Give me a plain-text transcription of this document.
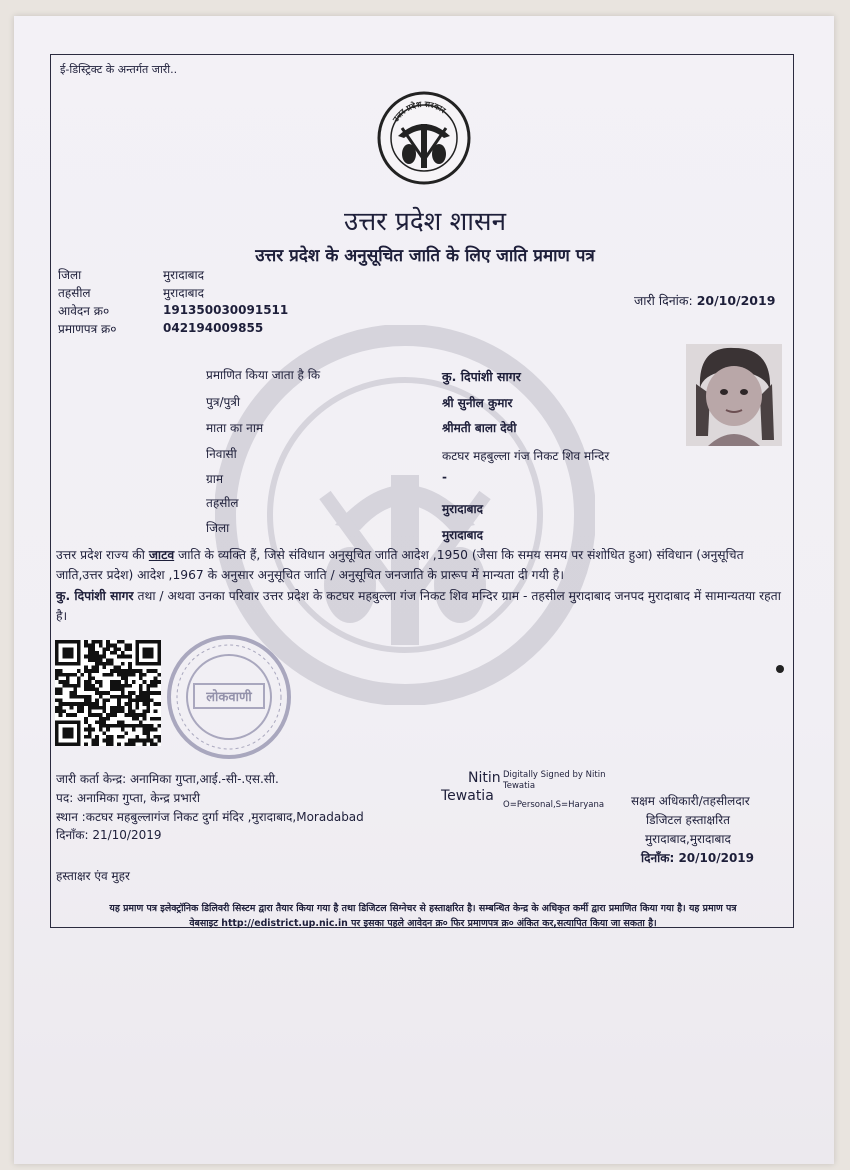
ई-डिस्ट्रिक्ट के अन्तर्गत जारी..
उत्तर प्रदेश सरकार
उत्तर प्रदेश शासन
उत्तर प्रदेश के अनुसूचित जाति के लिए जाति प्रमाण पत्र
जिला	मुरादाबाद
तहसील	मुरादाबाद
आवेदन क्र०	191350030091511
प्रमाणपत्र क्र०	042194009855
जारी दिनांक: 20/10/2019
प्रमाणित किया जाता है कि	कु. दिपांशी सागर
पुत्र/पुत्री	श्री सुनील कुमार
माता का नाम	श्रीमती बाला देवी
निवासी	कटघर महबुल्ला गंज निकट शिव मन्दिर
ग्राम	-
तहसील	मुरादाबाद
जिला	मुरादाबाद
उत्तर प्रदेश राज्य की जाटव जाति के व्यक्ति हैं, जिसे संविधान अनुसूचित जाति आदेश ,1950 (जैसा कि समय समय पर संशोधित हुआ) संविधान (अनुसूचित जाति,उत्तर प्रदेश) आदेश ,1967 के अनुसार अनुसूचित जाति / अनुसूचित जनजाति के प्रारूप में मान्यता दी गयी है।
कु. दिपांशी सागर तथा / अथवा उनका परिवार उत्तर प्रदेश के कटघर महबुल्ला गंज निकट शिव मन्दिर ग्राम - तहसील मुरादाबाद जनपद मुरादाबाद में सामान्यतया रहता है।
लोकवाणी
जारी कर्ता केन्द्र: अनामिका गुप्ता,आई.-सी-.एस.सी.
पद: अनामिका गुप्ता, केन्द्र प्रभारी
स्थान :कटघर महबुल्लागंज निकट दुर्गा मंदिर ,मुरादाबाद,Moradabad
दिनाँक: 21/10/2019
Nitin
Tewatia
Digitally Signed by Nitin
Tewatia
O=Personal,S=Haryana सक्षम अधिकारी/तहसीलदार
डिजिटल हस्ताक्षरित
मुरादाबाद,मुरादाबाद
दिनाँक: 20/10/2019
हस्ताक्षर एंव मुहर
यह प्रमाण पत्र इलेक्ट्रॉनिक डिलिवरी सिस्टम द्वारा तैयार किया गया है तथा डिजिटल सिग्नेचर से हस्ताक्षरित है। सम्बन्धित केन्द्र के अधिकृत कर्मी द्वारा प्रमाणित किया गया है। यह प्रमाण पत्र
वेबसाइट http://edistrict.up.nic.in पर इसका पहले आवेदन क्र० फिर प्रमाणपत्र क्र० अंकित कर,सत्यापित किया जा सकता है।
